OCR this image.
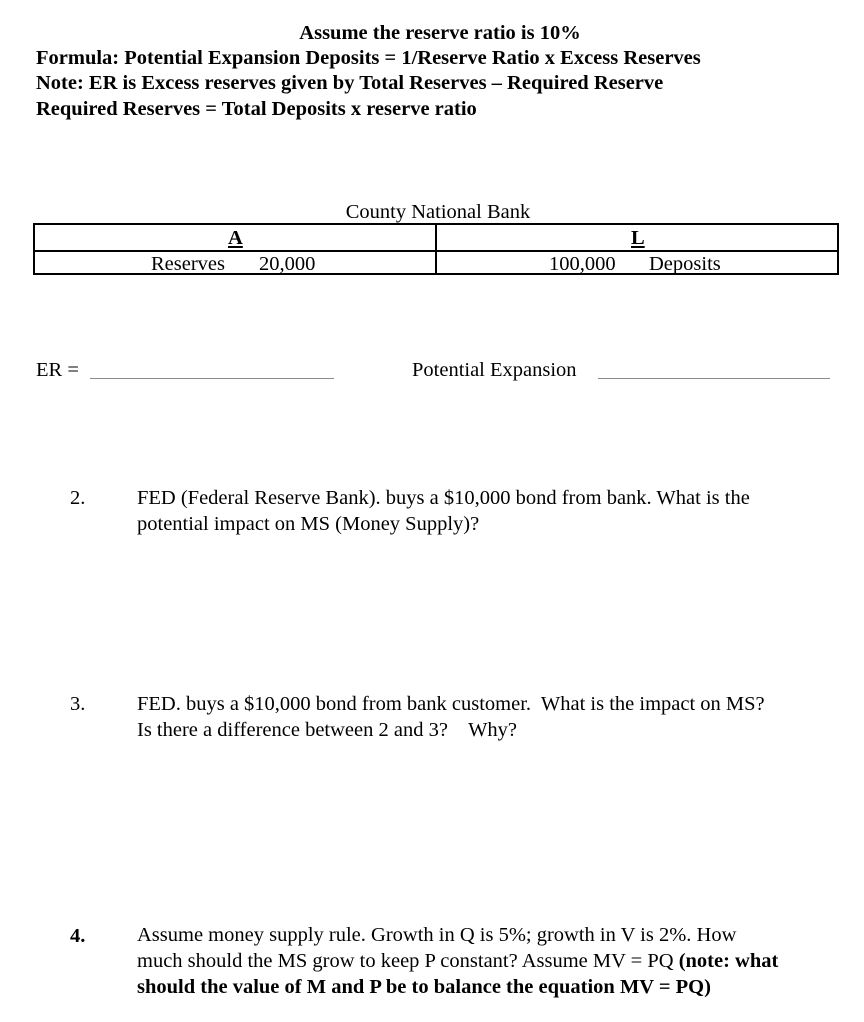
Assume the reserve ratio is 10%
Formula: Potential Expansion Deposits = 1/Reserve Ratio x Excess Reserves
Note: ER is Excess reserves given by Total Reserves – Required Reserve
Required Reserves = Total Deposits x reserve ratio
County National Bank
A	L
Reserves 20,000	100,000 Deposits
ER =	Potential Expansion
2.	FED (Federal Reserve Bank). buys a $10,000 bond from bank. What is the
potential impact on MS (Money Supply)?
3.	FED. buys a $10,000 bond from bank customer.  What is the impact on MS?
Is there a difference between 2 and 3?    Why?
4.	Assume money supply rule. Growth in Q is 5%; growth in V is 2%. How
much should the MS grow to keep P constant? Assume MV = PQ (note: what
should the value of M and P be to balance the equation MV = PQ)
